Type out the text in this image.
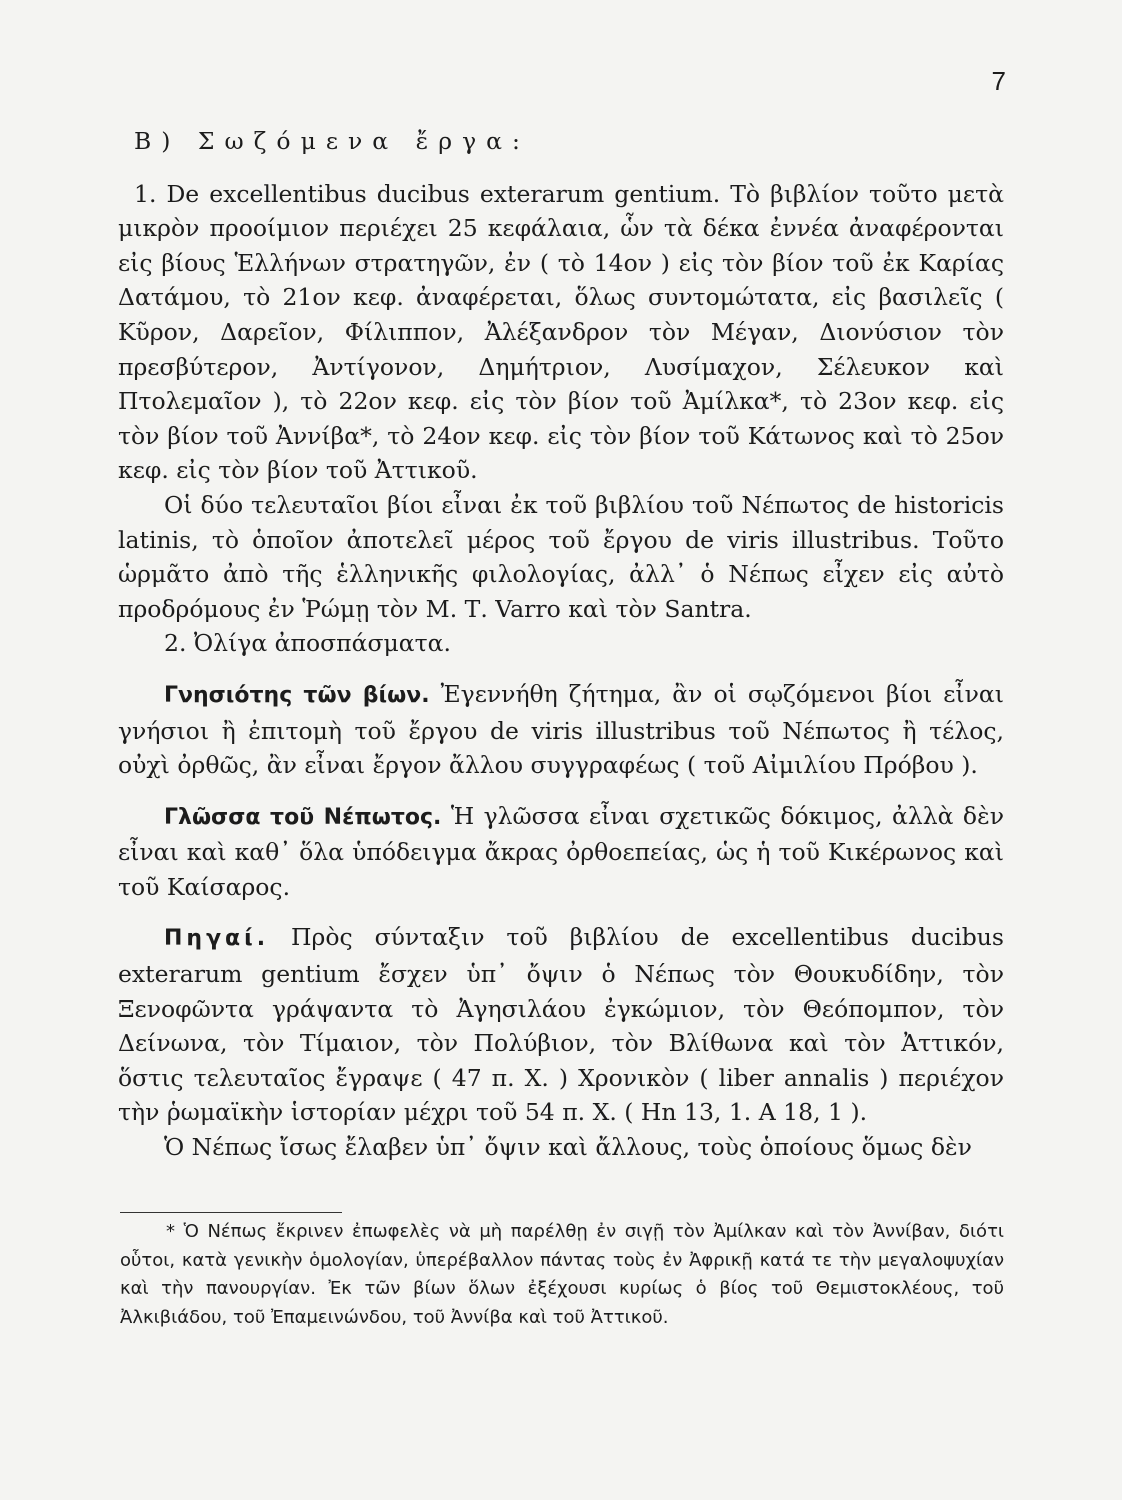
7
B) Σωζόμενα ἔργα:

1. De excellentibus ducibus exterarum gentium. Τὸ βιβλίον τοῦτο μετὰ μικρὸν προοίμιον περιέχει 25 κεφάλαια, ὧν τὰ δέκα ἐννέα ἀναφέρονται εἰς βίους Ἑλλήνων στρατηγῶν, ἐν ( τὸ 14ον ) εἰς τὸν βίον τοῦ ἐκ Καρίας Δατάμου, τὸ 21ον κεφ. ἀναφέρεται, ὅλως συντομώτατα, εἰς βασιλεῖς ( Κῦρον, Δαρεῖον, Φίλιππον, Ἀλέξανδρον τὸν Μέγαν, Διονύσιον τὸν πρεσβύτερον, Ἀντίγονον, Δημήτριον, Λυσίμαχον, Σέλευκον καὶ Πτολεμαῖον ), τὸ 22ον κεφ. εἰς τὸν βίον τοῦ Ἀμίλκα*, τὸ 23ον κεφ. εἰς τὸν βίον τοῦ Ἀννίβα*, τὸ 24ον κεφ. εἰς τὸν βίον τοῦ Κάτωνος καὶ τὸ 25ον κεφ. εἰς τὸν βίον τοῦ Ἀττικοῦ.

Οἱ δύο τελευταῖοι βίοι εἶναι ἐκ τοῦ βιβλίου τοῦ Νέπωτος de historicis latinis, τὸ ὁποῖον ἀποτελεῖ μέρος τοῦ ἔργου de viris illustribus. Τοῦτο ὡρμᾶτο ἀπὸ τῆς ἑλληνικῆς φιλολογίας, ἀλλ᾽ ὁ Νέπως εἶχεν εἰς αὐτὸ προδρόμους ἐν Ῥώμῃ τὸν Μ. Τ. Varro καὶ τὸν Santra.

2. Ὀλίγα ἀποσπάσματα.

Γνησιότης τῶν βίων. Ἐγεννήθη ζήτημα, ἂν οἱ σῳζόμενοι βίοι εἶναι γνήσιοι ἢ ἐπιτομὴ τοῦ ἔργου de viris illustribus τοῦ Νέπωτος ἢ τέλος, οὐχὶ ὀρθῶς, ἂν εἶναι ἔργον ἄλλου συγγραφέως ( τοῦ Αἰμιλίου Πρόβου ).

Γλῶσσα τοῦ Νέπωτος. Ἡ γλῶσσα εἶναι σχετικῶς δόκιμος, ἀλλὰ δὲν εἶναι καὶ καθ᾽ ὅλα ὑπόδειγμα ἄκρας ὀρθοεπείας, ὡς ἡ τοῦ Κικέρωνος καὶ τοῦ Καίσαρος.

Πηγαί. Πρὸς σύνταξιν τοῦ βιβλίου de excellentibus ducibus exterarum gentium ἔσχεν ὑπ᾽ ὄψιν ὁ Νέπως τὸν Θουκυδίδην, τὸν Ξενοφῶντα γράψαντα τὸ Ἀγησιλάου ἐγκώμιον, τὸν Θεόπομπον, τὸν Δείνωνα, τὸν Τίμαιον, τὸν Πολύβιον, τὸν Βλίθωνα καὶ τὸν Ἀττικόν, ὅστις τελευταῖος ἔγραψε ( 47 π. Χ. ) Χρονικὸν ( liber annalis ) περιέχον τὴν ῥωμαϊκὴν ἱστορίαν μέχρι τοῦ 54 π. Χ. ( Hn 13, 1. A 18, 1 ).

Ὁ Νέπως ἴσως ἔλαβεν ὑπ᾽ ὄψιν καὶ ἄλλους, τοὺς ὁποίους ὅμως δὲν

* Ὁ Νέπως ἔκρινεν ἐπωφελὲς νὰ μὴ παρέλθῃ ἐν σιγῇ τὸν Ἀμίλκαν καὶ τὸν Ἀννίβαν, διότι οὗτοι, κατὰ γενικὴν ὁμολογίαν, ὑπερέβαλλον πάντας τοὺς ἐν Ἀφρικῇ κατά τε τὴν μεγαλοψυχίαν καὶ τὴν πανουργίαν. Ἐκ τῶν βίων ὅλων ἐξέχουσι κυρίως ὁ βίος τοῦ Θεμιστοκλέους, τοῦ Ἀλκιβιάδου, τοῦ Ἐπαμεινώνδου, τοῦ Ἀννίβα καὶ τοῦ Ἀττικοῦ.
